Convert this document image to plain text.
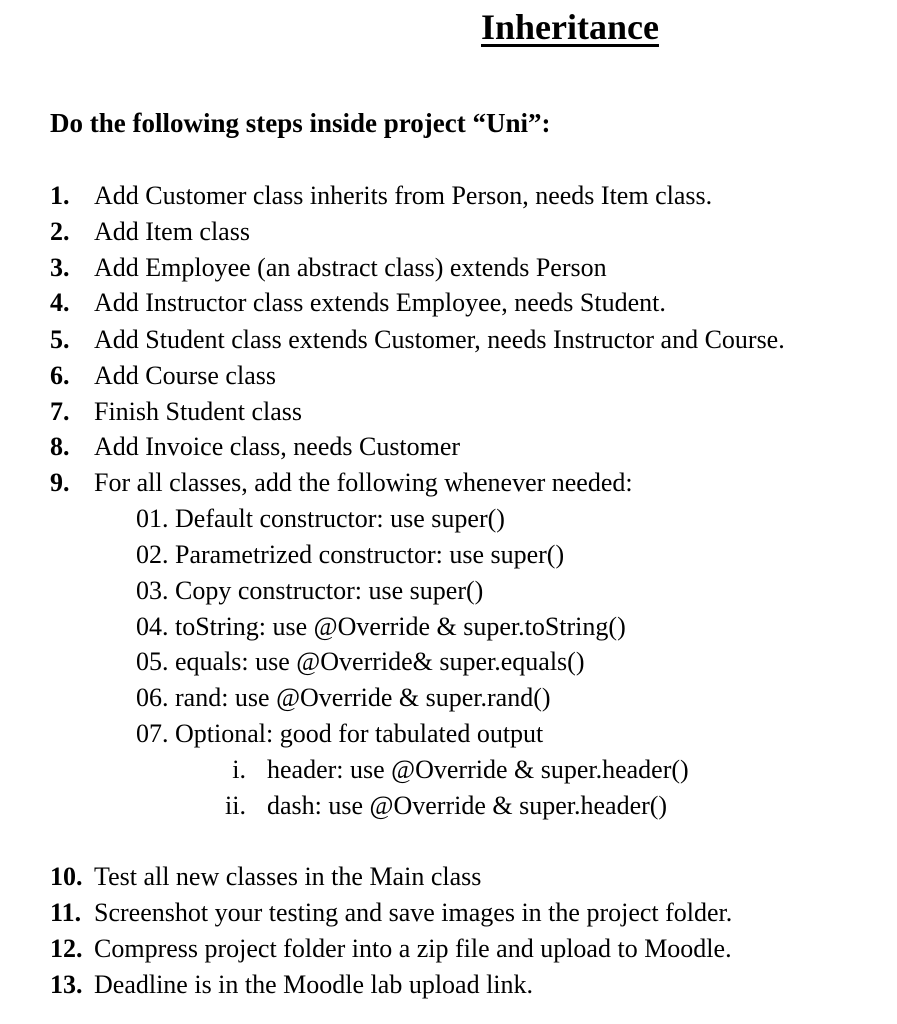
Inheritance
Do the following steps inside project “Uni”:
1. Add Customer class inherits from Person, needs Item class.
2. Add Item class
3. Add Employee (an abstract class) extends Person
4. Add Instructor class extends Employee, needs Student.
5. Add Student class extends Customer, needs Instructor and Course.
6. Add Course class
7. Finish Student class
8. Add Invoice class, needs Customer
9. For all classes, add the following whenever needed:
01. Default constructor: use super()
02. Parametrized constructor: use super()
03. Copy constructor: use super()
04. toString: use @Override & super.toString()
05. equals: use @Override& super.equals()
06. rand: use @Override & super.rand()
07. Optional: good for tabulated output
i. header: use @Override & super.header()
ii. dash: use @Override & super.header()
10. Test all new classes in the Main class
11. Screenshot your testing and save images in the project folder.
12. Compress project folder into a zip file and upload to Moodle.
13. Deadline is in the Moodle lab upload link.
